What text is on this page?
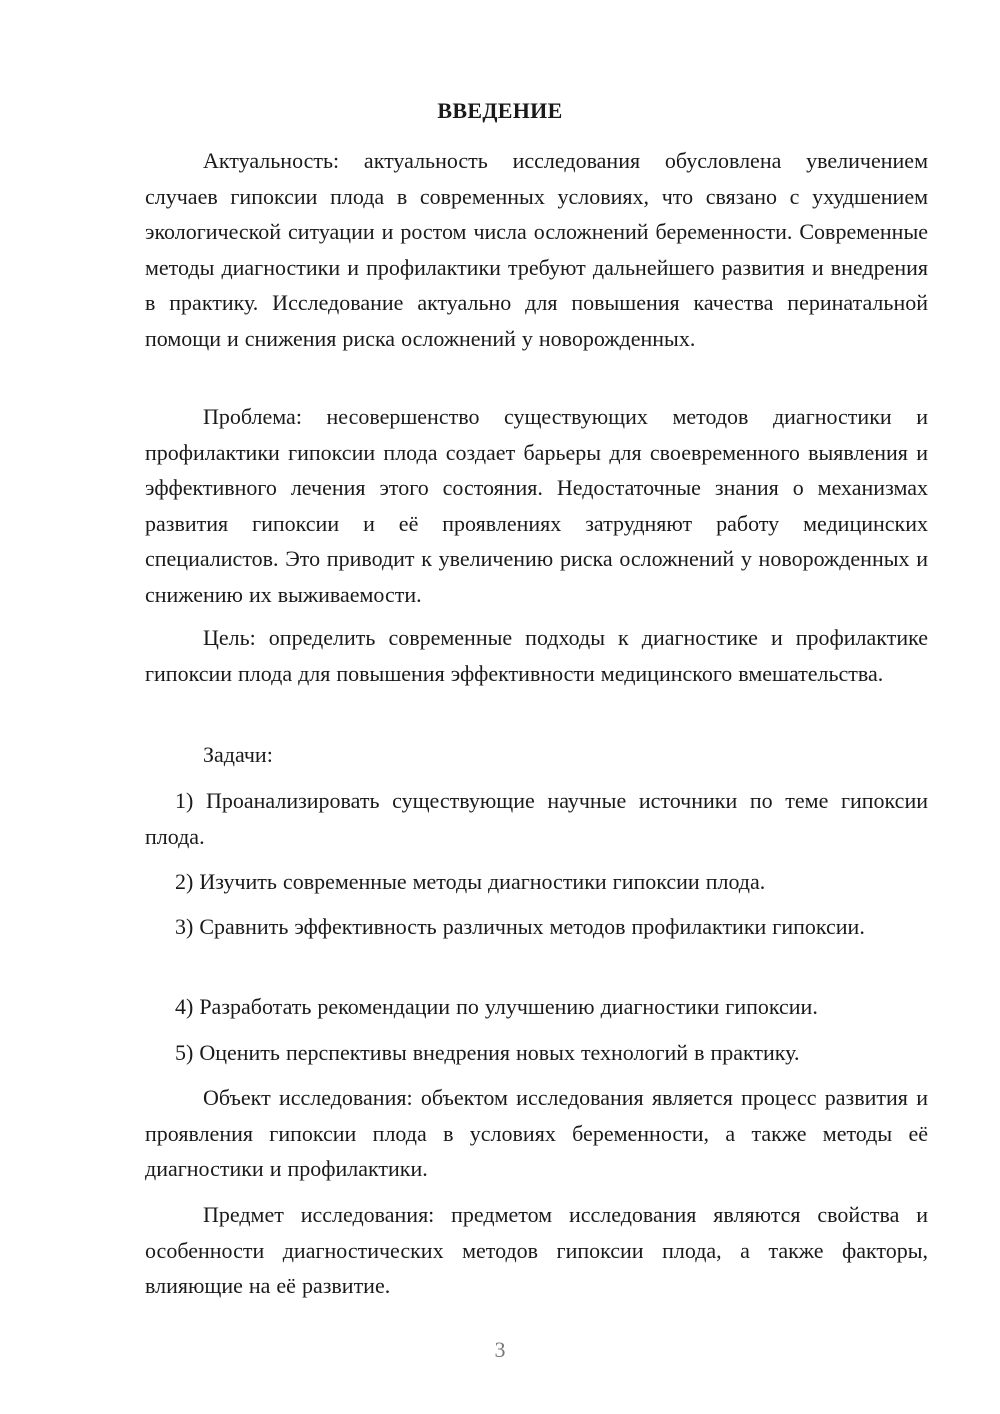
ВВЕДЕНИЕ
Актуальность: актуальность исследования обусловлена увеличением случаев гипоксии плода в современных условиях, что связано с ухудшением экологической ситуации и ростом числа осложнений беременности. Современные методы диагностики и профилактики требуют дальнейшего развития и внедрения в практику. Исследование актуально для повышения качества перинатальной помощи и снижения риска осложнений у новорожденных.
Проблема: несовершенство существующих методов диагностики и профилактики гипоксии плода создает барьеры для своевременного выявления и эффективного лечения этого состояния. Недостаточные знания о механизмах развития гипоксии и её проявлениях затрудняют работу медицинских специалистов. Это приводит к увеличению риска осложнений у новорожденных и снижению их выживаемости.
Цель: определить современные подходы к диагностике и профилактике гипоксии плода для повышения эффективности медицинского вмешательства.
Задачи:
1) Проанализировать существующие научные источники по теме гипоксии плода.
2) Изучить современные методы диагностики гипоксии плода.
3) Сравнить эффективность различных методов профилактики гипоксии.
4) Разработать рекомендации по улучшению диагностики гипоксии.
5) Оценить перспективы внедрения новых технологий в практику.
Объект исследования: объектом исследования является процесс развития и проявления гипоксии плода в условиях беременности, а также методы её диагностики и профилактики.
Предмет исследования: предметом исследования являются свойства и особенности диагностических методов гипоксии плода, а также факторы, влияющие на её развитие.
3
